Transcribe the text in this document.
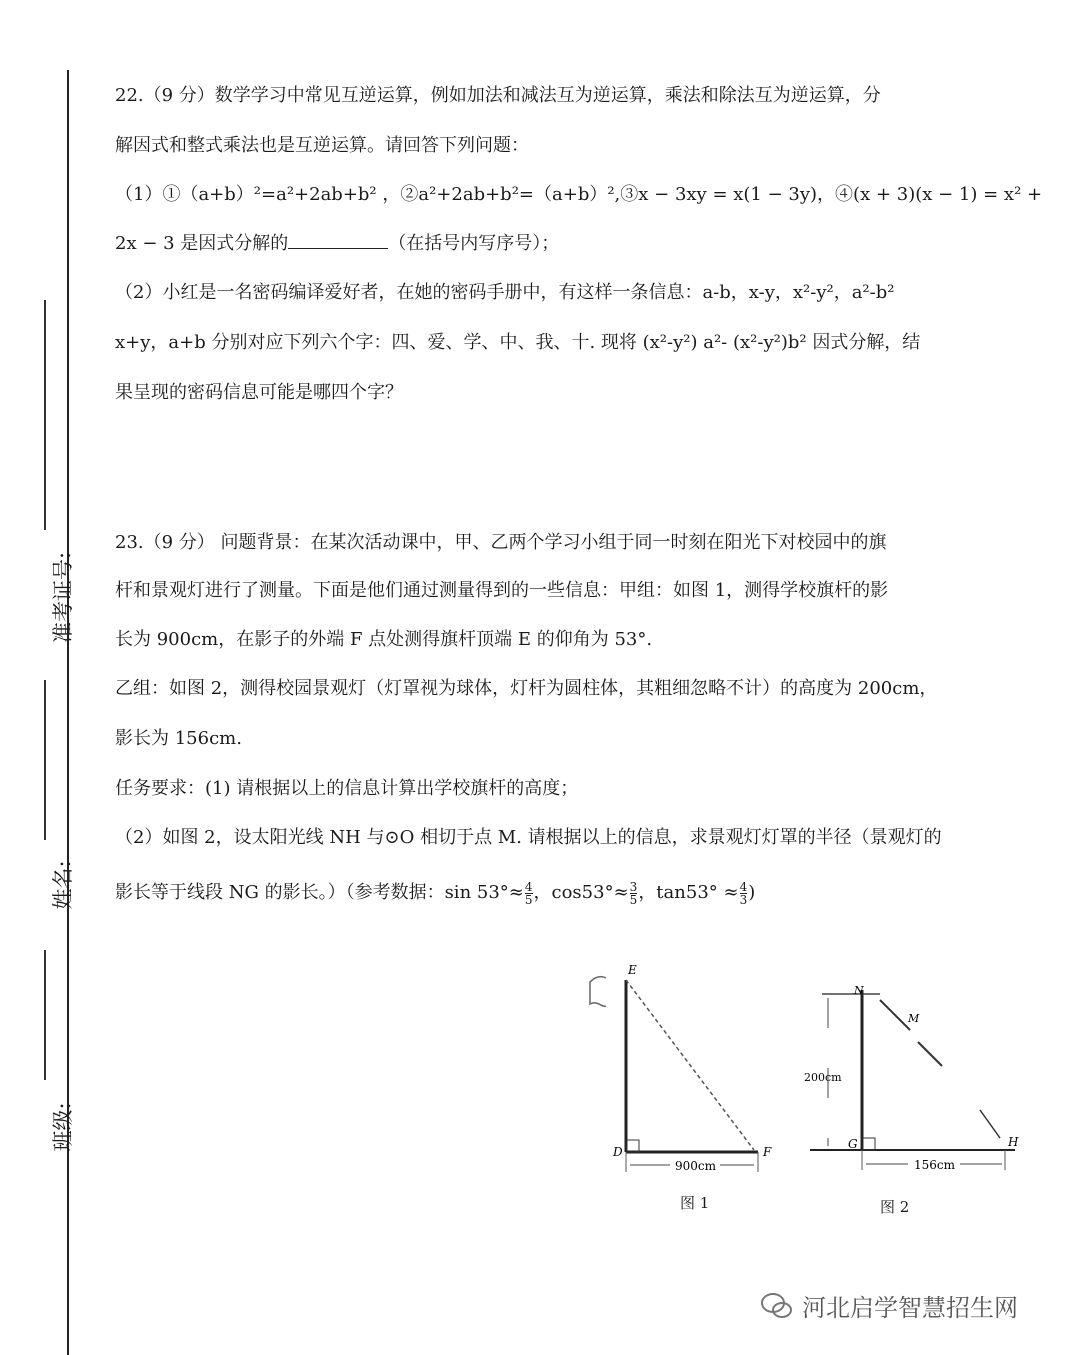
准考证号:
姓名:
班级:
22.（9 分）数学学习中常见互逆运算，例如加法和减法互为逆运算，乘法和除法互为逆运算，分
解因式和整式乘法也是互逆运算。请回答下列问题：
（1）①（a+b）²=a²+2ab+b² ，②a²+2ab+b²=（a+b）²,③x − 3xy = x(1 − 3y)，④(x + 3)(x − 1) = x² +
2x − 3 是因式分解的	（在括号内写序号）；
（2）小红是一名密码编译爱好者，在她的密码手册中，有这样一条信息：a-b，x-y，x²-y²，a²-b²
x+y，a+b 分别对应下列六个字：四、爱、学、中、我、十. 现将 (x²-y²) a²- (x²-y²)b² 因式分解，结
果呈现的密码信息可能是哪四个字？
23.（9 分） 问题背景：在某次活动课中，甲、乙两个学习小组于同一时刻在阳光下对校园中的旗
杆和景观灯进行了测量。下面是他们通过测量得到的一些信息：甲组：如图 1，测得学校旗杆的影
长为 900cm，在影子的外端 F 点处测得旗杆顶端 E 的仰角为 53°.
乙组：如图 2，测得校园景观灯（灯罩视为球体，灯杆为圆柱体，其粗细忽略不计）的高度为 200cm，
影长为 156cm.
任务要求：(1) 请根据以上的信息计算出学校旗杆的高度；
（2）如图 2，设太阳光线 NH 与⊙O 相切于点 M. 请根据以上的信息，求景观灯灯罩的半径（景观灯的
影长等于线段 NG 的影长。）（参考数据：$\sin 53^\circ\approx \frac{4}{5}$ ，$\cos 53^\circ\approx \frac{3}{5}$ ，$\tan 53^\circ \approx \frac{4}{3}$ )
900cm
E
D	F
图 1
200cm
156cm
N
M
G	H
图 2
河北启学智慧招生网
